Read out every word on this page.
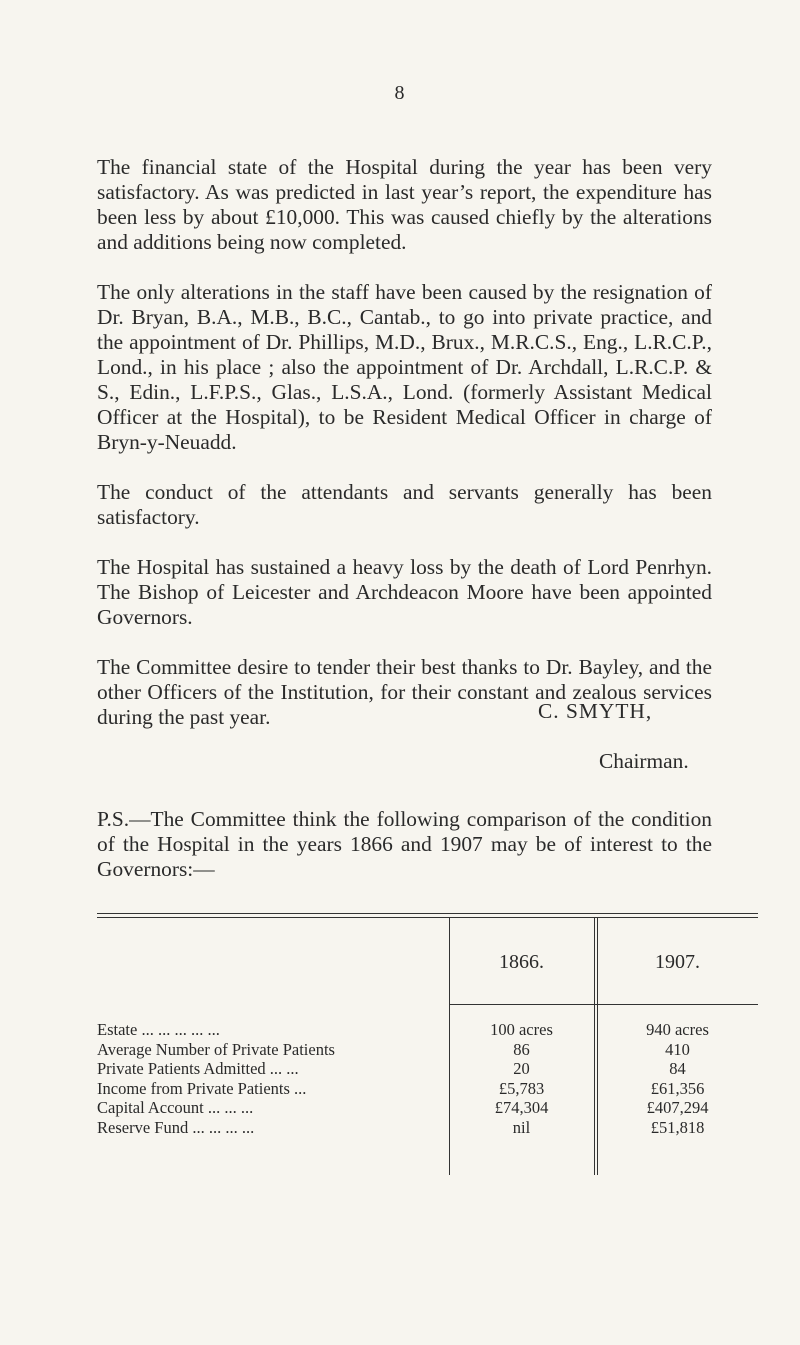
8

The financial state of the Hospital during the year has been very satisfactory. As was predicted in last year’s report, the expenditure has been less by about £10,000. This was caused chiefly by the alterations and additions being now completed.

The only alterations in the staff have been caused by the resignation of Dr. Bryan, B.A., M.B., B.C., Cantab., to go into private practice, and the appointment of Dr. Phillips, M.D., Brux., M.R.C.S., Eng., L.R.C.P., Lond., in his place ; also the appointment of Dr. Archdall, L.R.C.P. & S., Edin., L.F.P.S., Glas., L.S.A., Lond. (formerly Assistant Medical Officer at the Hospital), to be Resident Medical Officer in charge of Bryn-y-Neuadd.

The conduct of the attendants and servants generally has been satisfactory.

The Hospital has sustained a heavy loss by the death of Lord Penrhyn. The Bishop of Leicester and Archdeacon Moore have been appointed Governors.

The Committee desire to tender their best thanks to Dr. Bayley, and the other Officers of the Institution, for their constant and zealous services during the past year.	C. SMYTH,
Chairman.

P.S.—The Committee think the following comparison of the condition of the Hospital in the years 1866 and 1907 may be of interest to the Governors:—

1866.	1907.
Estate ... ... ... ... ...	100 acres	940 acres
Average Number of Private Patients	86	410
Private Patients Admitted ... ...	20	84
Income from Private Patients ...	£5,783	£61,356
Capital Account ... ... ...	£74,304	£407,294
Reserve Fund ... ... ... ...	nil	£51,818
